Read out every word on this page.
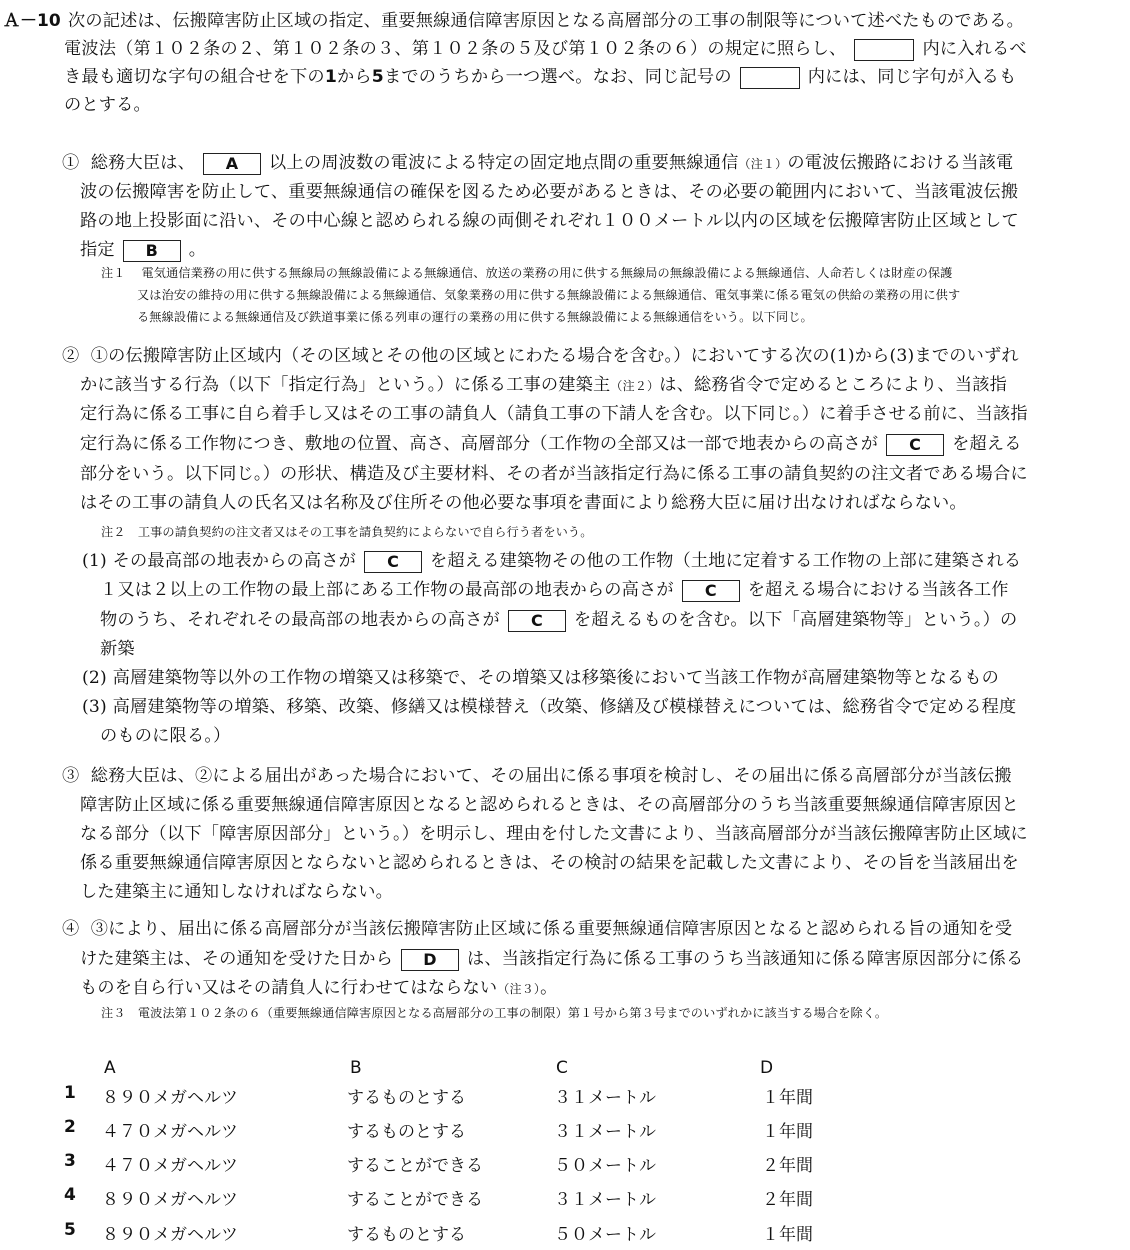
Ａ－10 次の記述は、伝搬障害防止区域の指定、重要無線通信障害原因となる高層部分の工事の制限等について述べたものである。
電波法（第１０２条の２、第１０２条の３、第１０２条の５及び第１０２条の６）の規定に照らし、	内に入れるべ
き最も適切な字句の組合せを下の1から5までのうちから一つ選べ。なお、同じ記号の	内には、同じ字句が入るも
のとする。
① 総務大臣は、 A 以上の周波数の電波による特定の固定地点間の重要無線通信（注１）の電波伝搬路における当該電
波の伝搬障害を防止して、重要無線通信の確保を図るため必要があるときは、その必要の範囲内において、当該電波伝搬
路の地上投影面に沿い、その中心線と認められる線の両側それぞれ１００メートル以内の区域を伝搬障害防止区域として
指定 B 。
注１ 電気通信業務の用に供する無線局の無線設備による無線通信、放送の業務の用に供する無線局の無線設備による無線通信、人命若しくは財産の保護
又は治安の維持の用に供する無線設備による無線通信、気象業務の用に供する無線設備による無線通信、電気事業に係る電気の供給の業務の用に供す
る無線設備による無線通信及び鉄道事業に係る列車の運行の業務の用に供する無線設備による無線通信をいう。以下同じ。
② ①の伝搬障害防止区域内（その区域とその他の区域とにわたる場合を含む。）においてする次の(1)から(3)までのいずれ
かに該当する行為（以下「指定行為」という。）に係る工事の建築主（注２）は、総務省令で定めるところにより、当該指
定行為に係る工事に自ら着手し又はその工事の請負人（請負工事の下請人を含む。以下同じ。）に着手させる前に、当該指
定行為に係る工作物につき、敷地の位置、高さ、高層部分（工作物の全部又は一部で地表からの高さが C を超える
部分をいう。以下同じ。）の形状、構造及び主要材料、その者が当該指定行為に係る工事の請負契約の注文者である場合に
はその工事の請負人の氏名又は名称及び住所その他必要な事項を書面により総務大臣に届け出なければならない。
注２　工事の請負契約の注文者又はその工事を請負契約によらないで自ら行う者をいう。
(1) その最高部の地表からの高さが C を超える建築物その他の工作物（土地に定着する工作物の上部に建築される
１又は２以上の工作物の最上部にある工作物の最高部の地表からの高さが C を超える場合における当該各工作
物のうち、それぞれその最高部の地表からの高さが C を超えるものを含む。以下「高層建築物等」という。）の
新築
(2) 高層建築物等以外の工作物の増築又は移築で、その増築又は移築後において当該工作物が高層建築物等となるもの
(3) 高層建築物等の増築、移築、改築、修繕又は模様替え（改築、修繕及び模様替えについては、総務省令で定める程度
のものに限る。）
③ 総務大臣は、②による届出があった場合において、その届出に係る事項を検討し、その届出に係る高層部分が当該伝搬
障害防止区域に係る重要無線通信障害原因となると認められるときは、その高層部分のうち当該重要無線通信障害原因と
なる部分（以下「障害原因部分」という。）を明示し、理由を付した文書により、当該高層部分が当該伝搬障害防止区域に
係る重要無線通信障害原因とならないと認められるときは、その検討の結果を記載した文書により、その旨を当該届出を
した建築主に通知しなければならない。
④ ③により、届出に係る高層部分が当該伝搬障害防止区域に係る重要無線通信障害原因となると認められる旨の通知を受
けた建築主は、その通知を受けた日から D は、当該指定行為に係る工事のうち当該通知に係る障害原因部分に係る
ものを自ら行い又はその請負人に行わせてはならない（注３）。
注３　電波法第１０２条の６（重要無線通信障害原因となる高層部分の工事の制限）第１号から第３号までのいずれかに該当する場合を除く。
A	B	C	D
1 ８９０メガヘルツ	するものとする	３１メートル	１年間
2 ４７０メガヘルツ	するものとする	３１メートル	１年間
3 ４７０メガヘルツ	することができる	５０メートル	２年間
4 ８９０メガヘルツ	することができる	３１メートル	２年間
5 ８９０メガヘルツ	するものとする	５０メートル	１年間
